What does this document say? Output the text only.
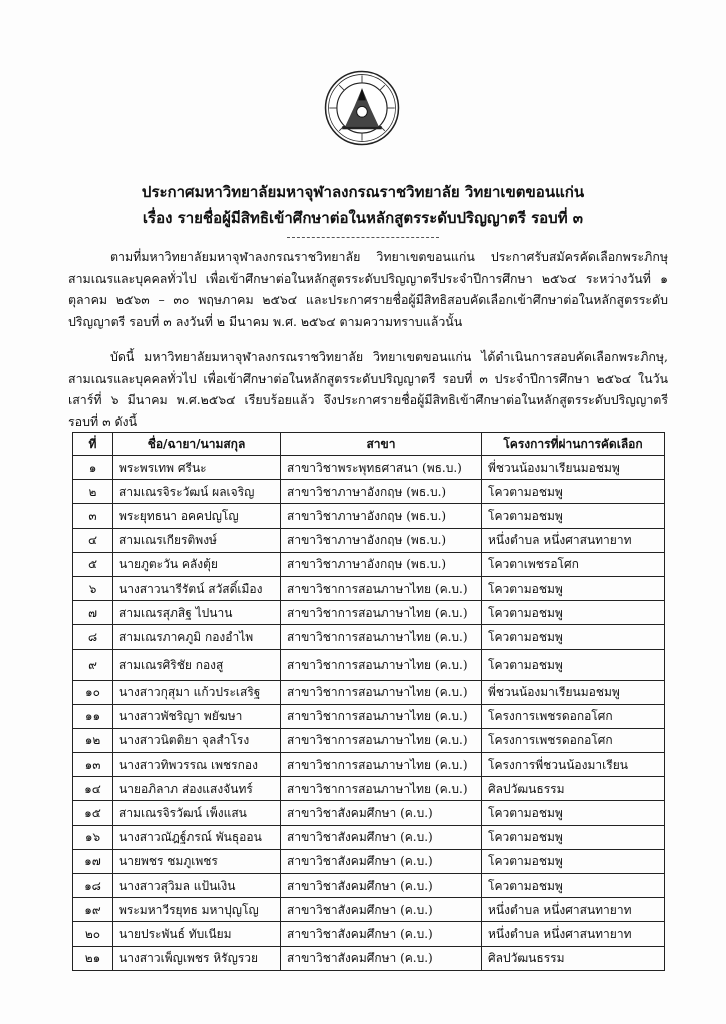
ประกาศมหาวิทยาลัยมหาจุฬาลงกรณราชวิทยาลัย วิทยาเขตขอนแก่น
เรื่อง รายชื่อผู้มีสิทธิเข้าศึกษาต่อในหลักสูตรระดับปริญญาตรี รอบที่ ๓

ตามที่มหาวิทยาลัยมหาจุฬาลงกรณราชวิทยาลัย วิทยาเขตขอนแก่น ประกาศรับสมัครคัดเลือกพระภิกษุ สามเณรและบุคคลทั่วไป เพื่อเข้าศึกษาต่อในหลักสูตรระดับปริญญาตรีประจำปีการศึกษา ๒๕๖๔ ระหว่างวันที่ ๑ ตุลาคม ๒๕๖๓ – ๓๐ พฤษภาคม ๒๕๖๔ และประกาศรายชื่อผู้มีสิทธิสอบคัดเลือกเข้าศึกษาต่อในหลักสูตรระดับปริญญาตรี รอบที่ ๓ ลงวันที่ ๒ มีนาคม พ.ศ. ๒๕๖๔ ตามความทราบแล้วนั้น

บัดนี้ มหาวิทยาลัยมหาจุฬาลงกรณราชวิทยาลัย วิทยาเขตขอนแก่น ได้ดำเนินการสอบคัดเลือกพระภิกษุ, สามเณรและบุคคลทั่วไป เพื่อเข้าศึกษาต่อในหลักสูตรระดับปริญญาตรี รอบที่ ๓ ประจำปีการศึกษา ๒๕๖๔ ในวันเสาร์ที่ ๖ มีนาคม พ.ศ.๒๕๖๔ เรียบร้อยแล้ว จึงประกาศรายชื่อผู้มีสิทธิเข้าศึกษาต่อในหลักสูตรระดับปริญญาตรี รอบที่ ๓ ดังนี้

ที่	ชื่อ/ฉายา/นามสกุล	สาขา	โครงการที่ผ่านการคัดเลือก
๑	พระพรเทพ ศรีนะ	สาขาวิชาพระพุทธศาสนา (พธ.บ.)	พี่ชวนน้องมาเรียนมอชมพู
๒	สามเณรจิระวัฒน์ ผลเจริญ	สาขาวิชาภาษาอังกฤษ (พธ.บ.)	โควตามอชมพู
๓	พระยุทธนา อคคปญโญ	สาขาวิชาภาษาอังกฤษ (พธ.บ.)	โควตามอชมพู
๔	สามเณรเกียรติพงษ์	สาขาวิชาภาษาอังกฤษ (พธ.บ.)	หนึ่งตำบล หนึ่งศาสนทายาท
๕	นายภูตะวัน คลังตุ้ย	สาขาวิชาภาษาอังกฤษ (พธ.บ.)	โควตาเพชรอโศก
๖	นางสาวนารีรัตน์ สวัสดิ์เมือง	สาขาวิชาการสอนภาษาไทย (ค.บ.)	โควตามอชมพู
๗	สามเณรสุภสิฐ ไปนาน	สาขาวิชาการสอนภาษาไทย (ค.บ.)	โควตามอชมพู
๘	สามเณรภาคภูมิ กองอำไพ	สาขาวิชาการสอนภาษาไทย (ค.บ.)	โควตามอชมพู
๙	สามเณรศิริชัย กองสู	สาขาวิชาการสอนภาษาไทย (ค.บ.)	โควตามอชมพู
๑๐	นางสาวกุสุมา แก้วประเสริฐ	สาขาวิชาการสอนภาษาไทย (ค.บ.)	พี่ชวนน้องมาเรียนมอชมพู
๑๑	นางสาวพัชริญา พยัฆษา	สาขาวิชาการสอนภาษาไทย (ค.บ.)	โครงการเพชรดอกอโศก
๑๒	นางสาวนิตติยา จุลสำโรง	สาขาวิชาการสอนภาษาไทย (ค.บ.)	โครงการเพชรดอกอโศก
๑๓	นางสาวทิพวรรณ เพชรกอง	สาขาวิชาการสอนภาษาไทย (ค.บ.)	โครงการพี่ชวนน้องมาเรียน
๑๔	นายอภิลาภ ส่องแสงจันทร์	สาขาวิชาการสอนภาษาไทย (ค.บ.)	ศิลปวัฒนธรรม
๑๕	สามเณรจิรวัฒน์ เพ็งแสน	สาขาวิชาสังคมศึกษา (ค.บ.)	โควตามอชมพู
๑๖	นางสาวณัฎฐ์ภรณ์ พันธุออน	สาขาวิชาสังคมศึกษา (ค.บ.)	โควตามอชมพู
๑๗	นายพชร ชมภูเพชร	สาขาวิชาสังคมศึกษา (ค.บ.)	โควตามอชมพู
๑๘	นางสาวสุวิมล แป้นเงิน	สาขาวิชาสังคมศึกษา (ค.บ.)	โควตามอชมพู
๑๙	พระมหาวีรยุทธ มหาปุญโญ	สาขาวิชาสังคมศึกษา (ค.บ.)	หนึ่งตำบล หนึ่งศาสนทายาท
๒๐	นายประพันธ์ ทับเนียม	สาขาวิชาสังคมศึกษา (ค.บ.)	หนึ่งตำบล หนึ่งศาสนทายาท
๒๑	นางสาวเพ็ญเพชร หิรัญรวย	สาขาวิชาสังคมศึกษา (ค.บ.)	ศิลปวัฒนธรรม
